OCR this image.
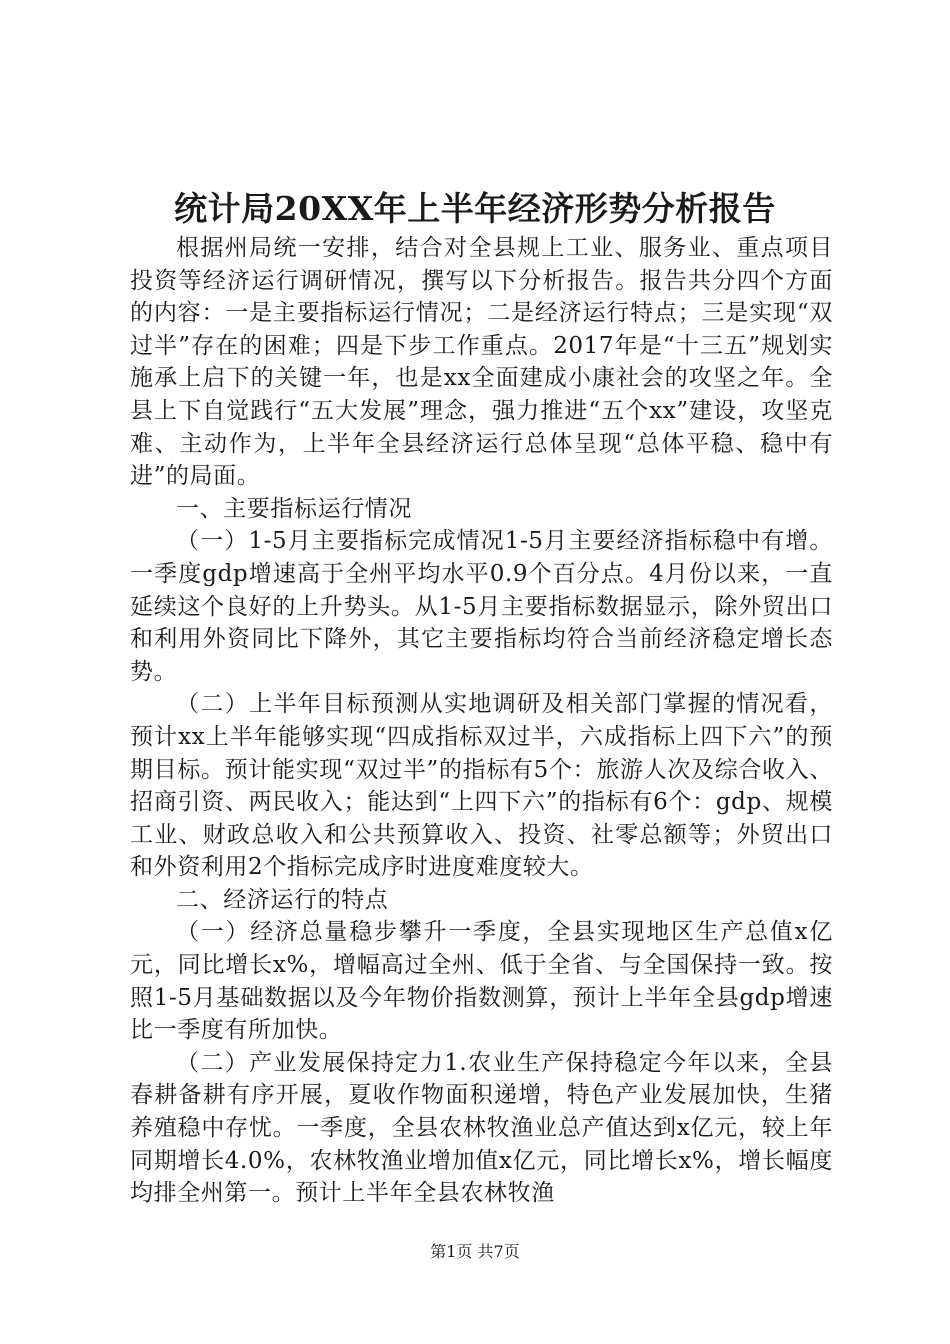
统计局20XX年上半年经济形势分析报告

根据州局统一安排，结合对全县规上工业、服务业、重点项目投资等经济运行调研情况，撰写以下分析报告。报告共分四个方面的内容：一是主要指标运行情况；二是经济运行特点；三是实现“双过半”存在的困难；四是下步工作重点。2017年是“十三五”规划实施承上启下的关键一年，也是xx全面建成小康社会的攻坚之年。全县上下自觉践行“五大发展”理念，强力推进“五个xx”建设，攻坚克难、主动作为，上半年全县经济运行总体呈现“总体平稳、稳中有进”的局面。

一、主要指标运行情况

（一）1-5月主要指标完成情况1-5月主要经济指标稳中有增。一季度gdp增速高于全州平均水平0.9个百分点。4月份以来，一直延续这个良好的上升势头。从1-5月主要指标数据显示，除外贸出口和利用外资同比下降外，其它主要指标均符合当前经济稳定增长态势。

（二）上半年目标预测从实地调研及相关部门掌握的情况看，预计xx上半年能够实现“四成指标双过半，六成指标上四下六”的预期目标。预计能实现“双过半”的指标有5个：旅游人次及综合收入、招商引资、两民收入；能达到“上四下六”的指标有6个：gdp、规模工业、财政总收入和公共预算收入、投资、社零总额等；外贸出口和外资利用2个指标完成序时进度难度较大。

二、经济运行的特点

（一）经济总量稳步攀升一季度，全县实现地区生产总值x亿元，同比增长x%，增幅高过全州、低于全省、与全国保持一致。按照1-5月基础数据以及今年物价指数测算，预计上半年全县gdp增速比一季度有所加快。

（二）产业发展保持定力1.农业生产保持稳定今年以来，全县春耕备耕有序开展，夏收作物面积递增，特色产业发展加快，生猪养殖稳中存忧。一季度，全县农林牧渔业总产值达到x亿元，较上年同期增长4.0%，农林牧渔业增加值x亿元，同比增长x%，增长幅度均排全州第一。预计上半年全县农林牧渔

第1页 共7页
